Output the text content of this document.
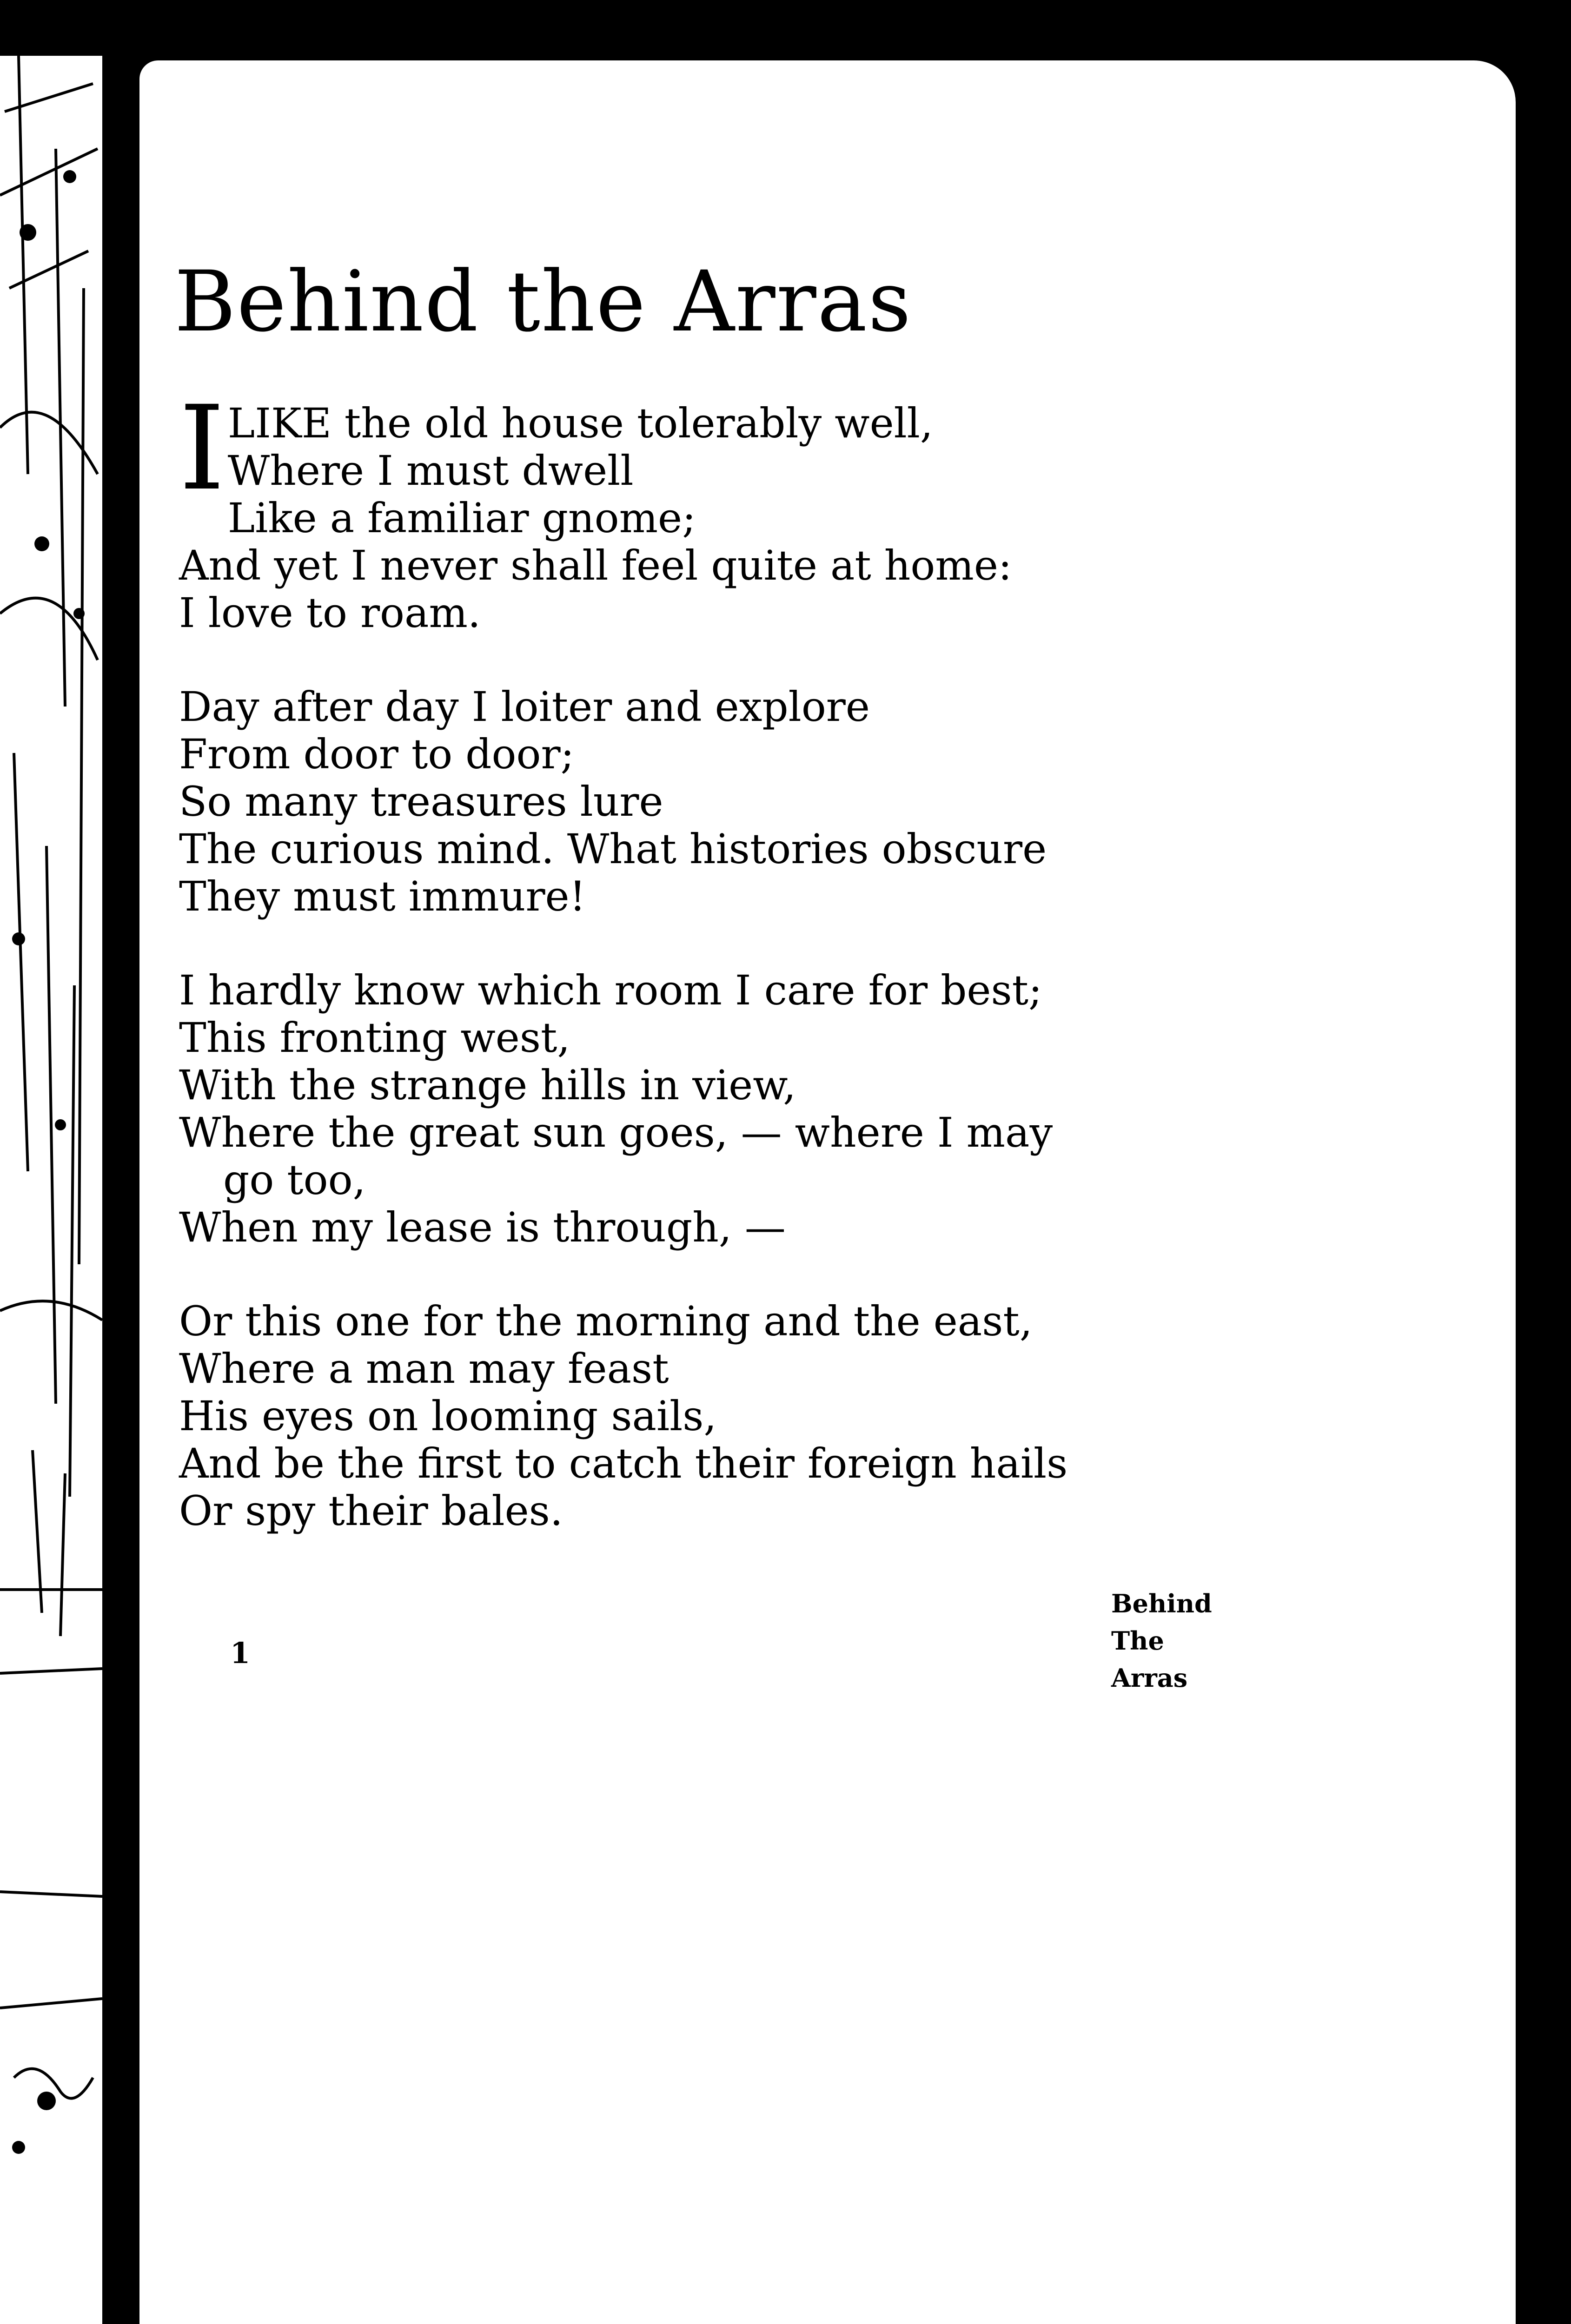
Behind the Arras
I LIKE the old house tolerably well,
Where I must dwell
Like a familiar gnome;
And yet I never shall feel quite at home:
I love to roam.
Day after day I loiter and explore
From door to door;
So many treasures lure
The curious mind. What histories obscure
They must immure!
I hardly know which room I care for best;
This fronting west,
With the strange hills in view,
Where the great sun goes, — where I may
go too,
When my lease is through, —
Or this one for the morning and the east,
Where a man may feast
His eyes on looming sails,
And be the first to catch their foreign hails
Or spy their bales.
1
Behind
The
Arras
